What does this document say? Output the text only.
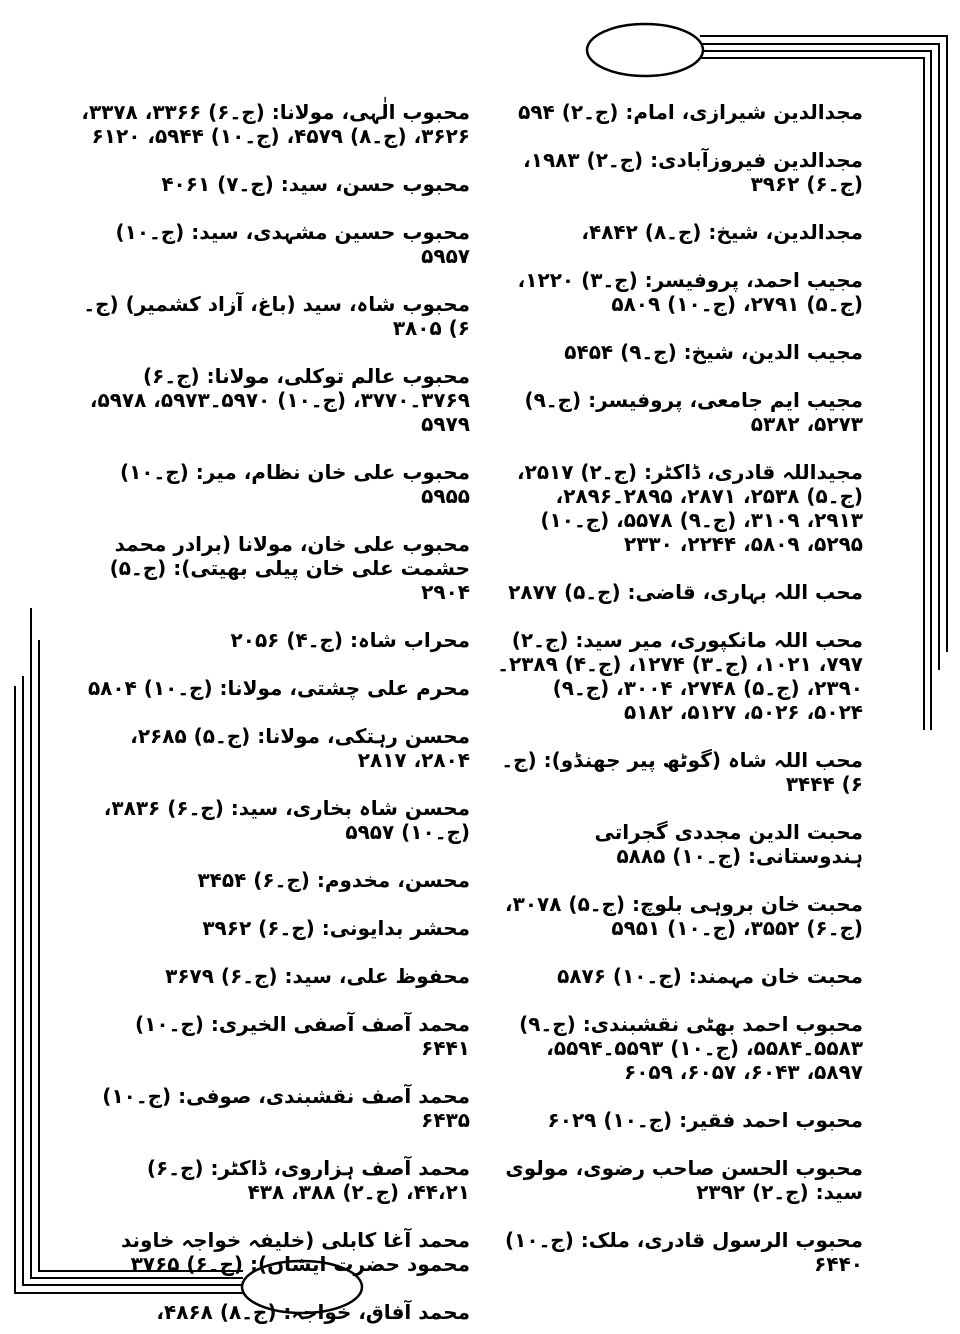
مجدالدین شیرازی، امام: (ج۔۲) ۵۹۴

مجدالدین فیروزآبادی: (ج۔۲) ۱۹۸۳، (ج۔۶) ۳۹۶۲

مجدالدین، شیخ: (ج۔۸) ۴۸۴۲،

مجیب احمد، پروفیسر: (ج۔۳) ۱۲۲۰، (ج۔۵) ۲۷۹۱، (ج۔۱۰) ۵۸۰۹

مجیب الدین، شیخ: (ج۔۹) ۵۴۵۴

مجیب ایم جامعی، پروفیسر: (ج۔۹) ۵۲۷۳، ۵۳۸۲

مجیداللہ قادری، ڈاکٹر: (ج۔۲) ۲۵۱۷، (ج۔۵) ۲۵۳۸، ۲۸۷۱، ۲۸۹۵۔۲۸۹۶، ۲۹۱۳، ۳۱۰۹، (ج۔۹) ۵۵۷۸، (ج۔۱۰) ۵۲۹۵، ۵۸۰۹، ۲۲۴۴، ۲۳۳۰

محب اللہ بہاری، قاضی: (ج۔۵) ۲۸۷۷

محب اللہ مانکپوری، میر سید: (ج۔۲) ۷۹۷، ۱۰۲۱، (ج۔۳) ۱۲۷۴، (ج۔۴) ۲۳۸۹۔۲۳۹۰، (ج۔۵) ۲۷۴۸، ۳۰۰۴، (ج۔۹) ۵۰۲۴، ۵۰۲۶، ۵۱۲۷، ۵۱۸۲

محب اللہ شاہ (گوٹھ پیر جھنڈو): (ج۔۶) ۳۴۴۴

محبت الدین مجددی گجراتی ہندوستانی: (ج۔۱۰) ۵۸۸۵

محبت خان بروہی بلوچ: (ج۔۵) ۳۰۷۸، (ج۔۶) ۳۵۵۲، (ج۔۱۰) ۵۹۵۱

محبت خان مہمند: (ج۔۱۰) ۵۸۷۶

محبوب احمد بھٹی نقشبندی: (ج۔۹) ۵۵۸۳۔۵۵۸۴، (ج۔۱۰) ۵۵۹۳۔۵۵۹۴، ۵۸۹۷، ۶۰۴۳، ۶۰۵۷، ۶۰۵۹

محبوب احمد فقیر: (ج۔۱۰) ۶۰۲۹

محبوب الحسن صاحب رضوی، مولوی سید: (ج۔۲) ۲۳۹۲

محبوب الرسول قادری، ملک: (ج۔۱۰) ۶۴۴۰

محبوب الٰہی، مولانا: (ج۔۶) ۳۳۶۶، ۳۳۷۸، ۳۶۲۶، (ج۔۸) ۴۵۷۹، (ج۔۱۰) ۵۹۴۴، ۶۱۲۰

محبوب حسن، سید: (ج۔۷) ۴۰۶۱

محبوب حسین مشہدی، سید: (ج۔۱۰) ۵۹۵۷

محبوب شاہ، سید (باغ، آزاد کشمیر) (ج۔۶) ۳۸۰۵

محبوب عالم توکلی، مولانا: (ج۔۶) ۳۷۶۹۔۳۷۷۰، (ج۔۱۰) ۵۹۷۰۔۵۹۷۳، ۵۹۷۸، ۵۹۷۹

محبوب علی خان نظام، میر: (ج۔۱۰) ۵۹۵۵

محبوب علی خان، مولانا (برادر محمد حشمت علی خان پیلی بھیتی): (ج۔۵) ۲۹۰۴

محراب شاہ: (ج۔۴) ۲۰۵۶

محرم علی چشتی، مولانا: (ج۔۱۰) ۵۸۰۴

محسن رہتکی، مولانا: (ج۔۵) ۲۶۸۵، ۲۸۰۴، ۲۸۱۷

محسن شاہ بخاری، سید: (ج۔۶) ۳۸۳۶، (ج۔۱۰) ۵۹۵۷

محسن، مخدوم: (ج۔۶) ۳۴۵۴

محشر بدایونی: (ج۔۶) ۳۹۶۲

محفوظ علی، سید: (ج۔۶) ۳۶۷۹

محمد آصف آصفی الخیری: (ج۔۱۰) ۶۴۴۱

محمد آصف نقشبندی، صوفی: (ج۔۱۰) ۶۴۳۵

محمد آصف ہزاروی، ڈاکٹر: (ج۔۶) ۴۴،۲۱، (ج۔۲) ۳۸۸، ۴۳۸

محمد آغا کابلی (خلیفہ خواجہ خاوند محمود حضرت ایشاں): (ج۔۶) ۳۷۶۵

محمد آفاق، خواجہ: (ج۔۸) ۴۸۶۸،
